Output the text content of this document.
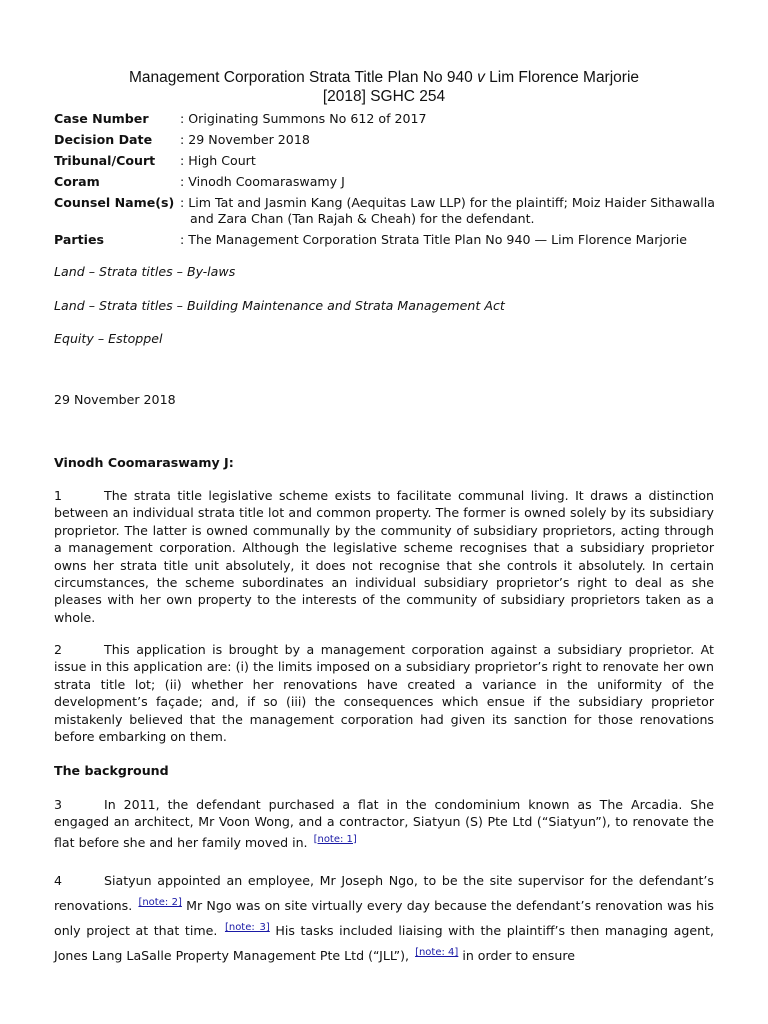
Management Corporation Strata Title Plan No 940 v Lim Florence Marjorie
[2018] SGHC 254
Case Number	: Originating Summons No 612 of 2017

Decision Date	: 29 November 2018

Tribunal/Court	: High Court

Coram	: Vinodh Coomaraswamy J

Counsel Name(s)	: Lim Tat and Jasmin Kang (Aequitas Law LLP) for the plaintiff; Moiz Haider Sithawalla and Zara Chan (Tan Rajah & Cheah) for the defendant.

Parties	: The Management Corporation Strata Title Plan No 940 — Lim Florence Marjorie
Land – Strata titles – By-laws
Land – Strata titles – Building Maintenance and Strata Management Act
Equity – Estoppel
29 November 2018
Vinodh Coomaraswamy J:
1	The strata title legislative scheme exists to facilitate communal living. It draws a distinction between an individual strata title lot and common property. The former is owned solely by its subsidiary proprietor. The latter is owned communally by the community of subsidiary proprietors, acting through a management corporation. Although the legislative scheme recognises that a subsidiary proprietor owns her strata title unit absolutely, it does not recognise that she controls it absolutely. In certain circumstances, the scheme subordinates an individual subsidiary proprietor’s right to deal as she pleases with her own property to the interests of the community of subsidiary proprietors taken as a whole.
2	This application is brought by a management corporation against a subsidiary proprietor. At issue in this application are: (i) the limits imposed on a subsidiary proprietor’s right to renovate her own strata title lot; (ii) whether her renovations have created a variance in the uniformity of the development’s façade; and, if so (iii) the consequences which ensue if the subsidiary proprietor mistakenly believed that the management corporation had given its sanction for those renovations before embarking on them.
The background
3	In 2011, the defendant purchased a flat in the condominium known as The Arcadia. She engaged an architect, Mr Voon Wong, and a contractor, Siatyun (S) Pte Ltd (“Siatyun”), to renovate the flat before she and her family moved in. [note: 1]
4	Siatyun appointed an employee, Mr Joseph Ngo, to be the site supervisor for the defendant’s renovations. [note: 2] Mr Ngo was on site virtually every day because the defendant’s renovation was his only project at that time. [note: 3] His tasks included liaising with the plaintiff’s then managing agent, Jones Lang LaSalle Property Management Pte Ltd (“JLL”), [note: 4] in order to ensure
